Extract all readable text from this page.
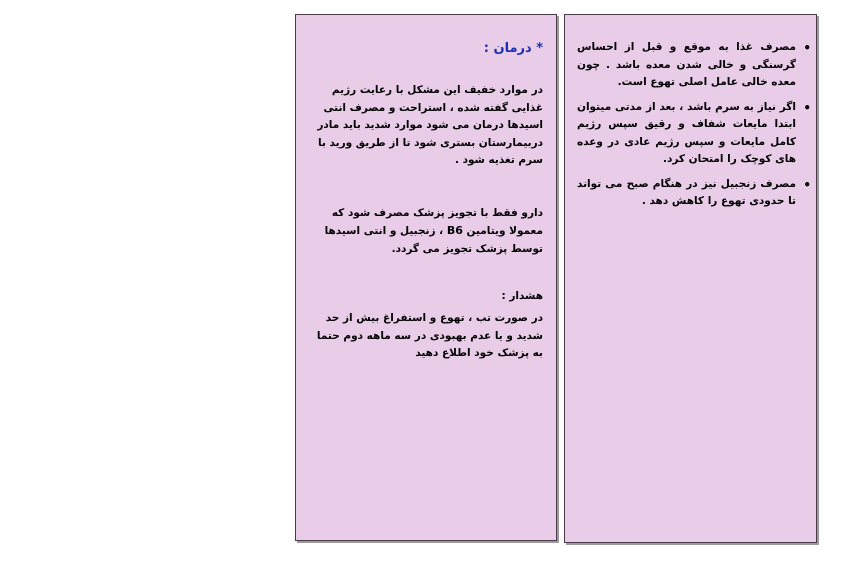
•
مصرف غذا به موقع و قبل از احساس گرسنگی و خالی شدن معده باشد . چون معده خالی عامل اصلی تهوع است.
•
اگر نیاز به سرم باشد ، بعد از مدتی میتوان ابتدا مایعات شفاف و رقیق سپس رژیم کامل مایعات و سپس رژیم عادی در وعده های کوچک را امتحان کرد.
•
مصرف زنجبیل نیز در هنگام صبح می تواند تا حدودی تهوع را کاهش دهد .

* درمان :

در موارد خفیف این مشکل با رعایت رژیم غذایی گفته شده ، استراحت و مصرف انتی اسیدها درمان می شود موارد شدید باید مادر دربیمارستان بستری شود تا از طریق ورید با سرم تغذیه شود .

دارو فقط با تجویز پزشک مصرف شود که معمولا ویتامین B6 ، زنجبیل و انتی اسیدها توسط پزشک تجویز می گردد.

هشدار :

در صورت تب ، تهوع و استفراغ بیش از حد شدید و یا عدم بهبودی در سه ماهه دوم حتما به پزشک خود اطلاع دهید
